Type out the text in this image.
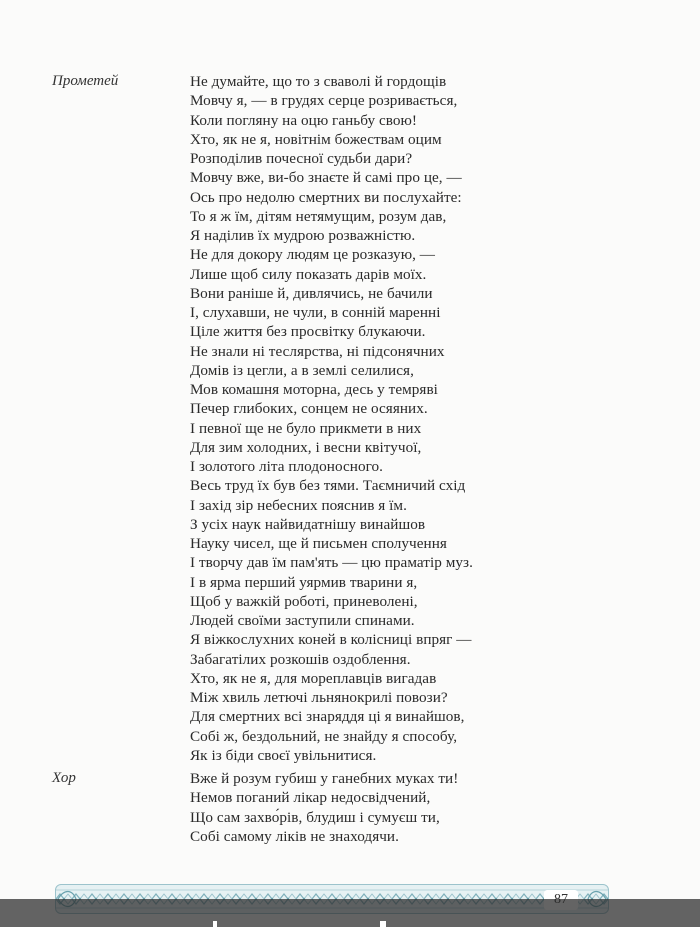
Прометей	Не думайте, що то з сваволі й гордощів
Мовчу я, — в грудях серце розривається,
Коли погляну на оцю ганьбу свою!
Хто, як не я, новітнім божествам оцим
Розподілив почесної судьби дари?
Мовчу вже, ви-бо знаєте й самі про це, —
Ось про недолю смертних ви послухайте:
То я ж їм, дітям нетямущим, розум дав,
Я наділив їх мудрою розважністю.
Не для докору людям це розказую, —
Лише щоб силу показать дарів моїх.
Вони раніше й, дивлячись, не бачили
І, слухавши, не чули, в сонній маренні
Ціле життя без просвітку блукаючи.
Не знали ні теслярства, ні підсонячних
Домів із цегли, а в землі селилися,
Мов комашня моторна, десь у темряві
Печер глибоких, сонцем не осяяних.
І певної ще не було прикмети в них
Для зим холодних, і весни квітучої,
І золотого літа плодоносного.
Весь труд їх був без тями. Таємничий схід
І захід зір небесних пояснив я їм.
З усіх наук найвидатнішу винайшов
Науку чисел, ще й письмен сполучення
І творчу дав їм пам'ять — цю праматір муз.
І в ярма перший уярмив тварини я,
Щоб у важкій роботі, приневолені,
Людей своїми заступили спинами.
Я віжкослухних коней в колісниці впряг —
Забагатілих розкошів оздоблення.
Хто, як не я, для мореплавців вигадав
Між хвиль летючі льнянокрилі повози?
Для смертних всі знаряддя ці я винайшов,
Собі ж, бездольний, не знайду я способу,
Як із біди своєї увільнитися.
Хор	Вже й розум губиш у ганебних муках ти!
Немов поганий лікар недосвідчений,
Що сам захво́рів, блудиш і сумуєш ти,
Собі самому ліків не знаходячи.
